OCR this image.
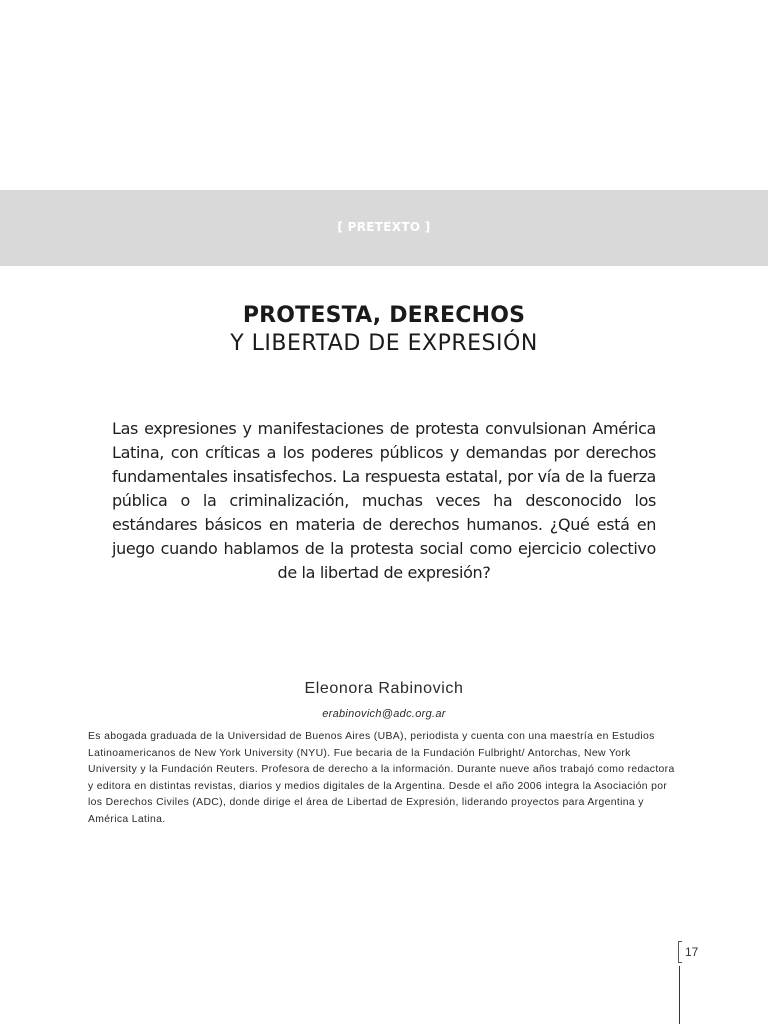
[ PRETEXTO ]
PROTESTA, DERECHOS
Y LIBERTAD DE EXPRESIÓN

Las expresiones y manifestaciones de protesta convulsionan América Latina, con críticas a los poderes públicos y demandas por derechos fundamentales insatisfechos. La respuesta estatal, por vía de la fuerza pública o la criminalización, muchas veces ha desconocido los estándares básicos en materia de derechos humanos. ¿Qué está en juego cuando hablamos de la protesta social como ejercicio colectivo de la libertad de expresión?

Eleonora Rabinovich
erabinovich@adc.org.ar

Es abogada graduada de la Universidad de Buenos Aires (UBA), periodista y cuenta con una maestría en Estudios Latinoamericanos de New York University (NYU). Fue becaria de la Fundación Fulbright/ Antorchas, New York University y la Fundación Reuters. Profesora de derecho a la información. Durante nueve años trabajó como redactora y editora en distintas revistas, diarios y medios digitales de la Argentina. Desde el año 2006 integra la Asociación por los Derechos Civiles (ADC), donde dirige el área de Libertad de Expresión, liderando proyectos para Argentina y América Latina.

17
